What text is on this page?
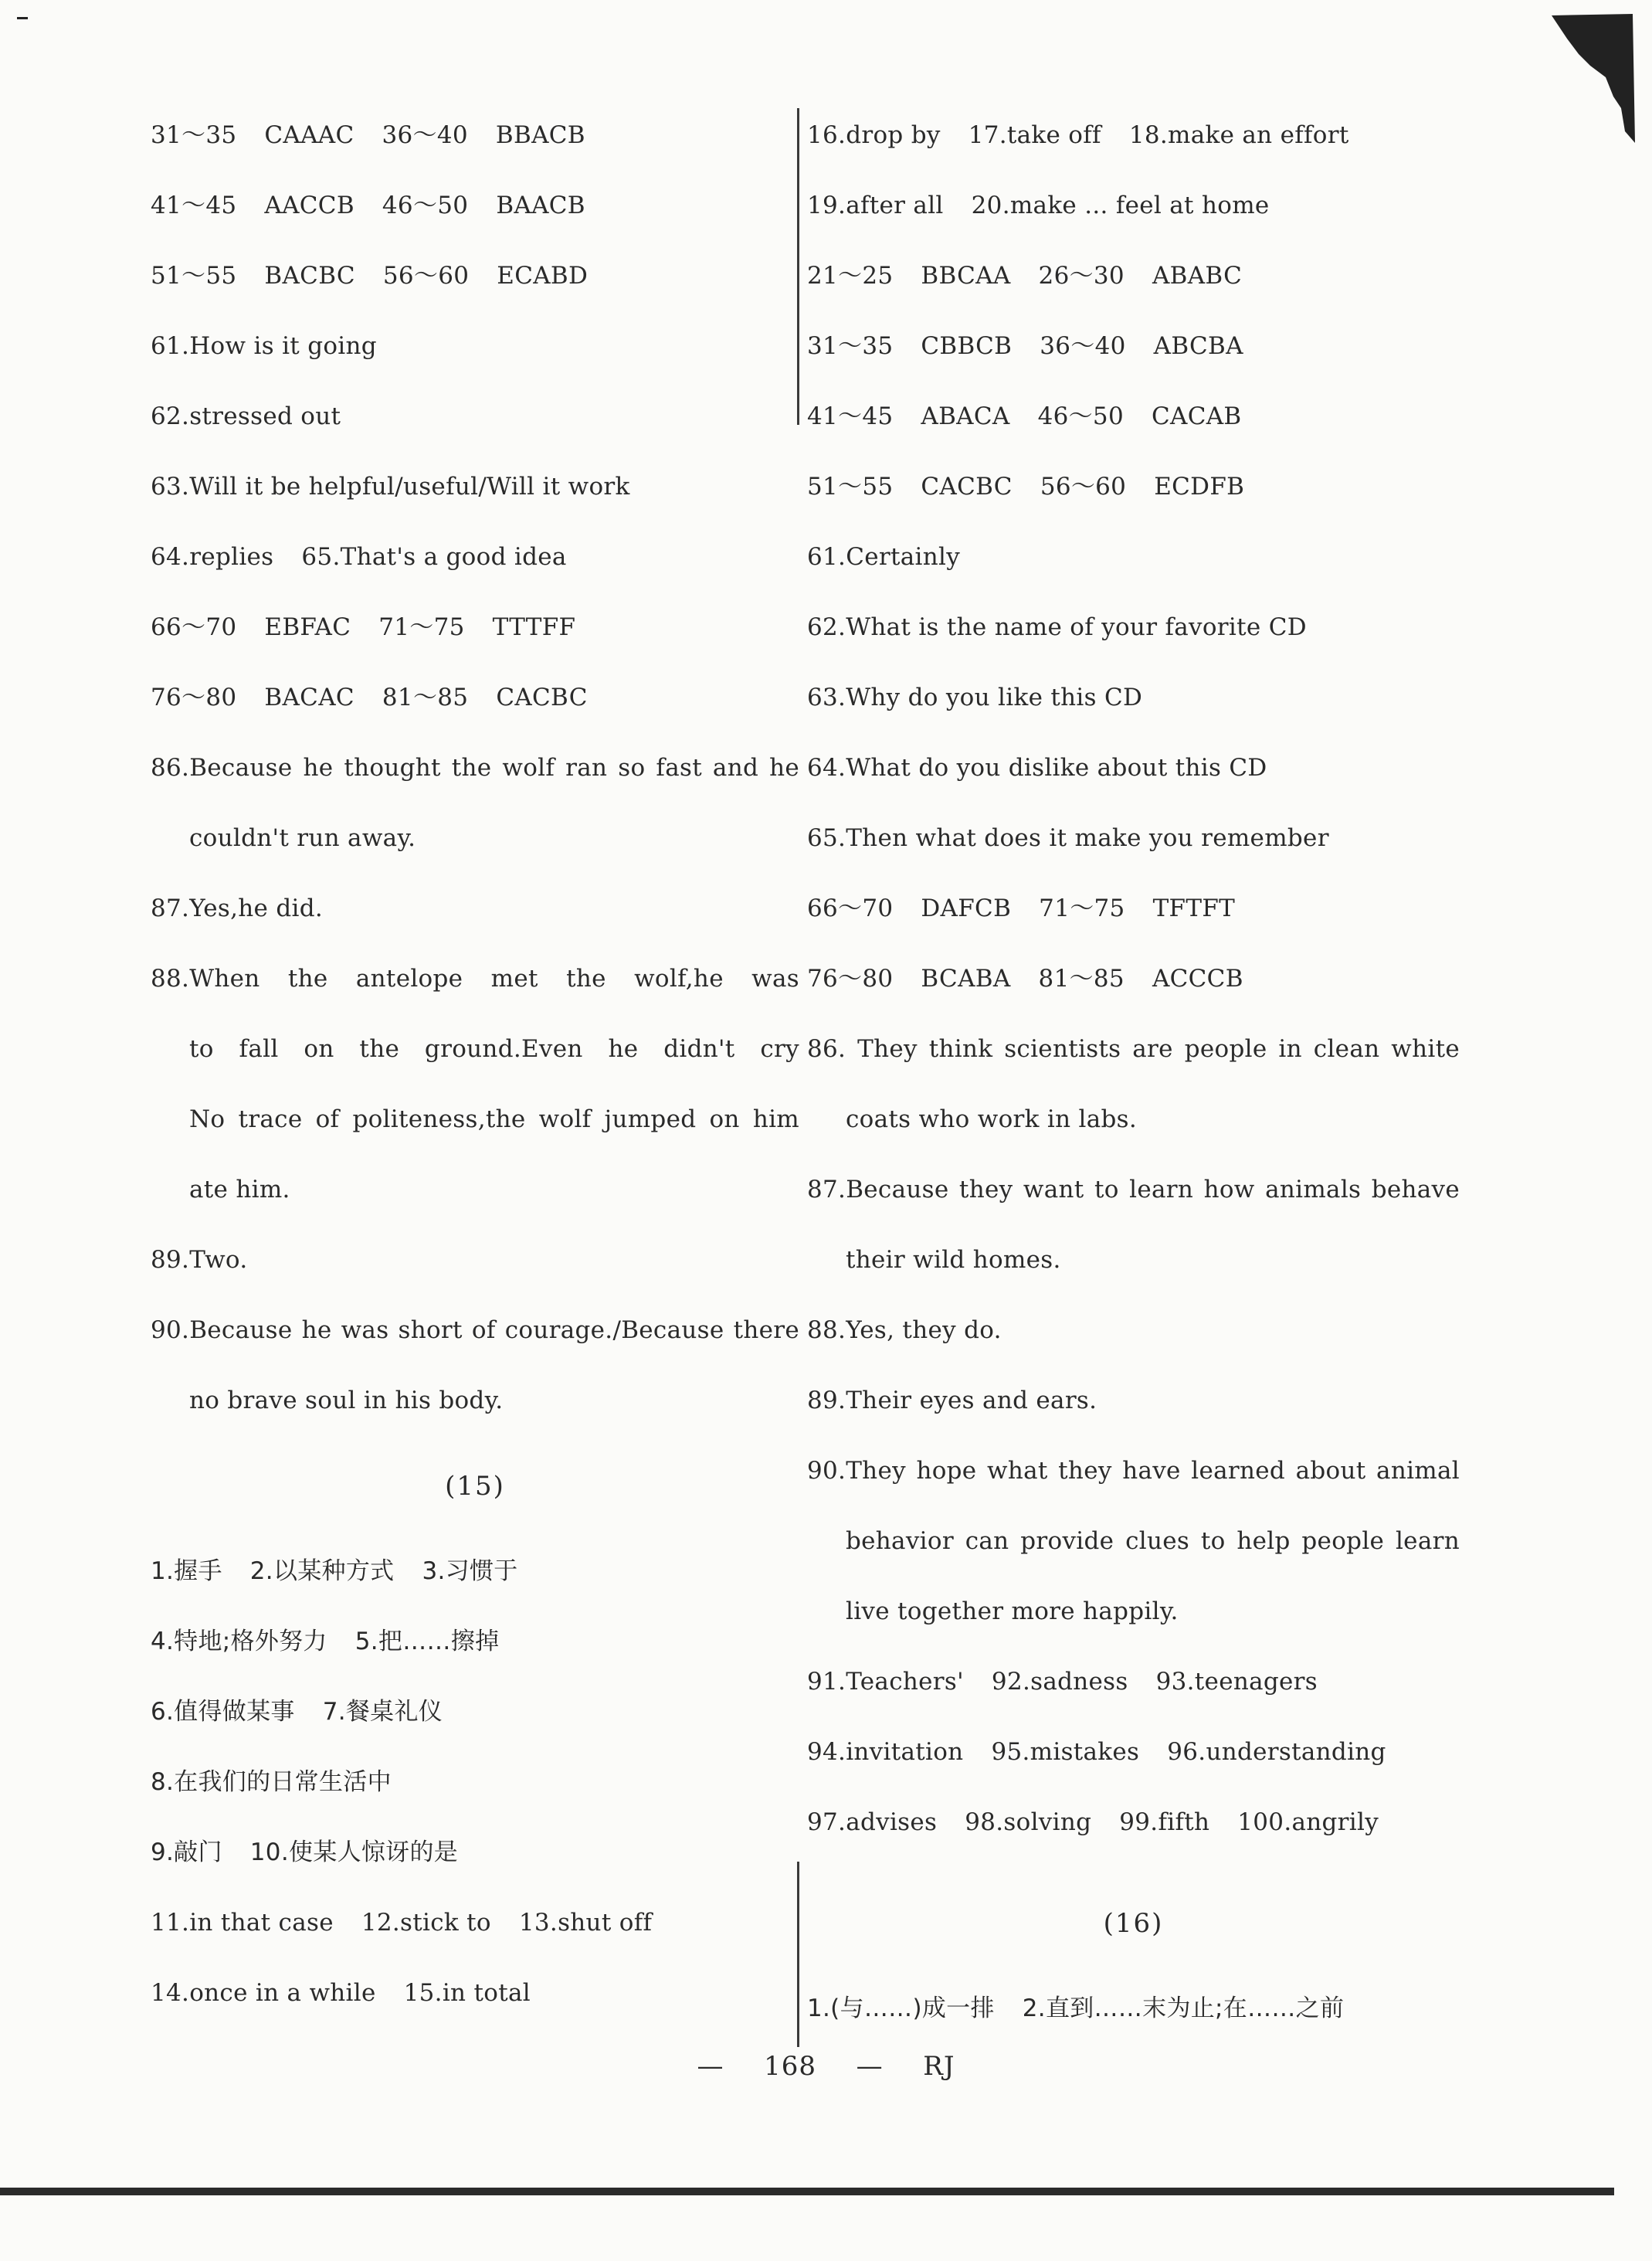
31～35 CAAAC 36～40 BBACB
41～45 AACCB 46～50 BAACB
51～55 BACBC 56～60 ECABD
61.How is it going
62.stressed out
63.Will it be helpful/useful/Will it work
64.replies 65.That's a good idea
66～70 EBFAC 71～75 TTTFF
76～80 BACAC 81～85 CACBC
86.Because he thought the wolf ran so fast and he
couldn't run away.
87.Yes,he did.
88.When the antelope met the wolf,he was
to fall on the ground.Even he didn't cry
No trace of politeness,the wolf jumped on him
ate him.
89.Two.
90.Because he was short of courage./Because there
no brave soul in his body.
(15)
1.握手 2.以某种方式 3.习惯于
4.特地;格外努力 5.把……擦掉
6.值得做某事 7.餐桌礼仪
8.在我们的日常生活中
9.敲门 10.使某人惊讶的是
11.in that case 12.stick to 13.shut off
14.once in a while 15.in total
16.drop by 17.take off 18.make an effort
19.after all 20.make ... feel at home
21～25 BBCAA 26～30 ABABC
31～35 CBBCB 36～40 ABCBA
41～45 ABACA 46～50 CACAB
51～55 CACBC 56～60 ECDFB
61.Certainly
62.What is the name of your favorite CD
63.Why do you like this CD
64.What do you dislike about this CD
65.Then what does it make you remember
66～70 DAFCB 71～75 TFTFT
76～80 BCABA 81～85 ACCCB
86. They think scientists are people in clean white
coats who work in labs.
87.Because they want to learn how animals behave
their wild homes.
88.Yes, they do.
89.Their eyes and ears.
90.They hope what they have learned about animal
behavior can provide clues to help people learn
live together more happily.
91.Teachers' 92.sadness 93.teenagers
94.invitation 95.mistakes 96.understanding
97.advises 98.solving 99.fifth 100.angrily
(16)
1.(与……)成一排 2.直到……末为止;在……之前
— 168 — RJ
